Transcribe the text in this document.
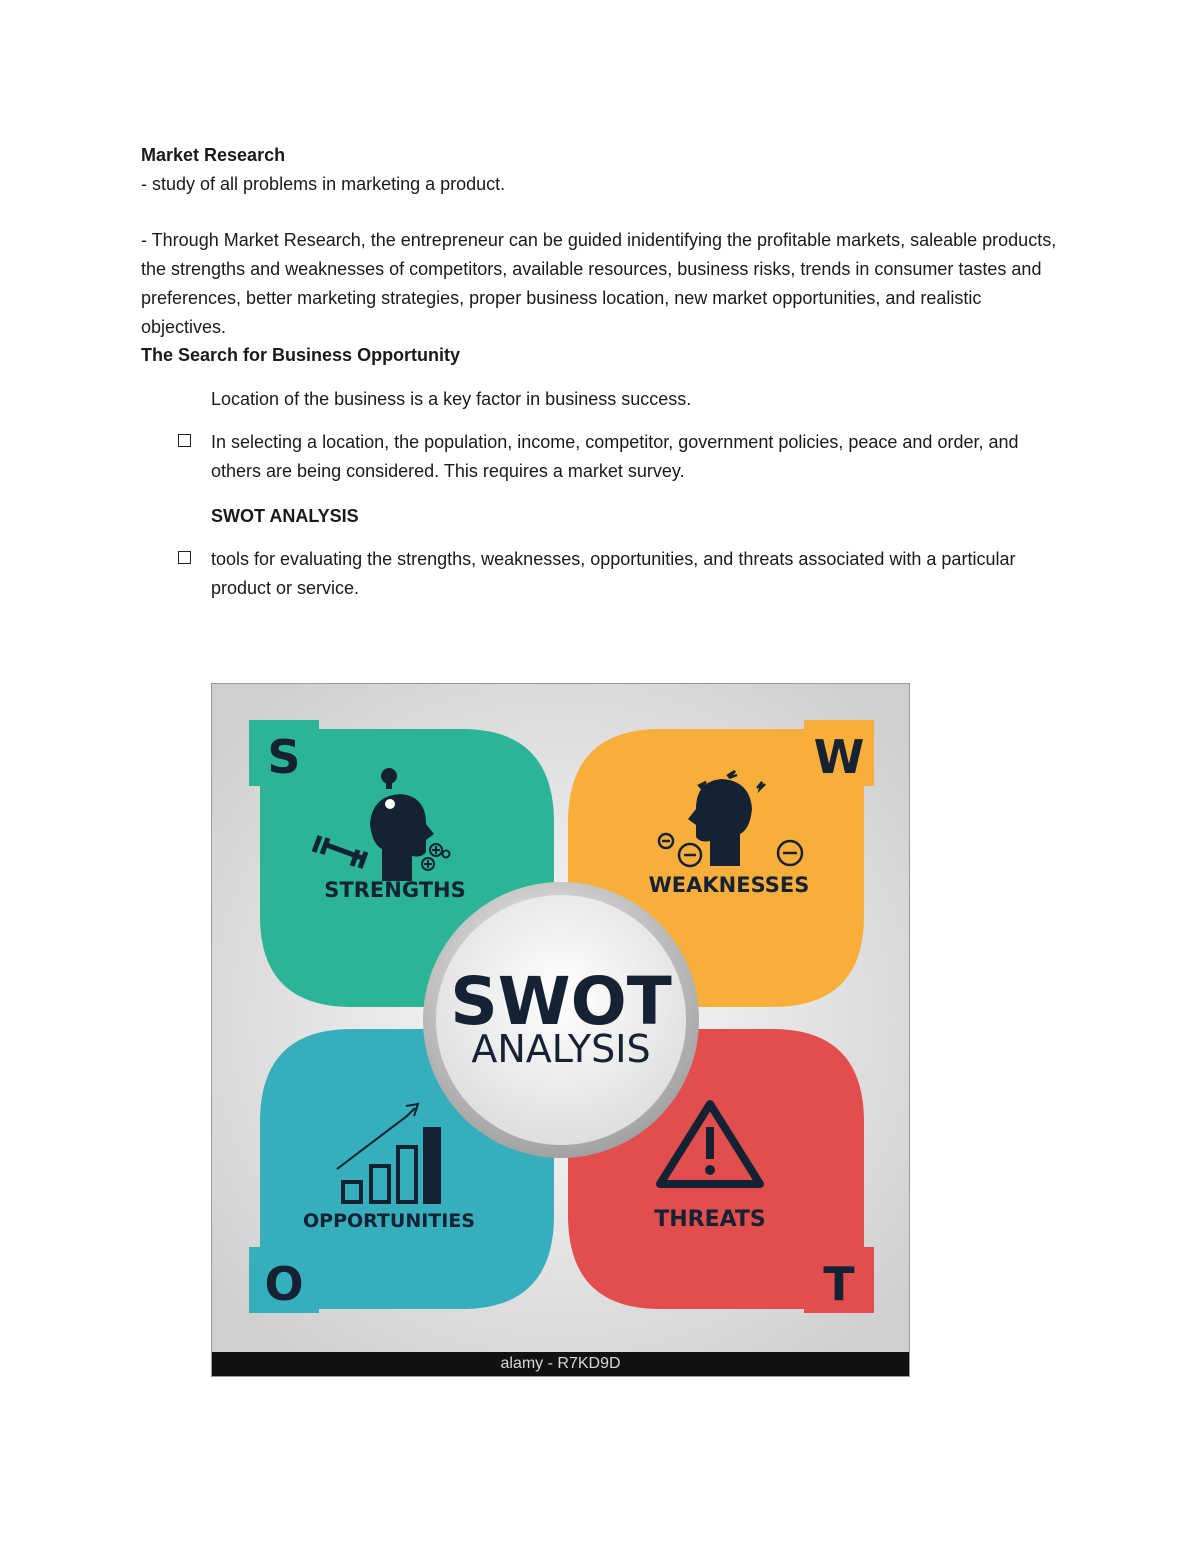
Market Research
- study of all problems in marketing a product.
- Through Market Research, the entrepreneur can be guided inidentifying the profitable markets, saleable products, the strengths and weaknesses of competitors, available resources, business risks, trends in consumer tastes and preferences, better marketing strategies, proper business location, new market opportunities, and realistic objectives.
The Search for Business Opportunity
Location of the business is a key factor in business success.
In selecting a location, the population, income, competitor, government policies, peace and order, and others are being considered. This requires a market survey.
SWOT ANALYSIS
tools for evaluating the strengths, weaknesses, opportunities, and threats associated with a particular product or service.
S	W
O	T
STRENGTHS	WEAKNESSES
OPPORTUNITIES	THREATS
SWOT
ANALYSIS
alamy - R7KD9D
